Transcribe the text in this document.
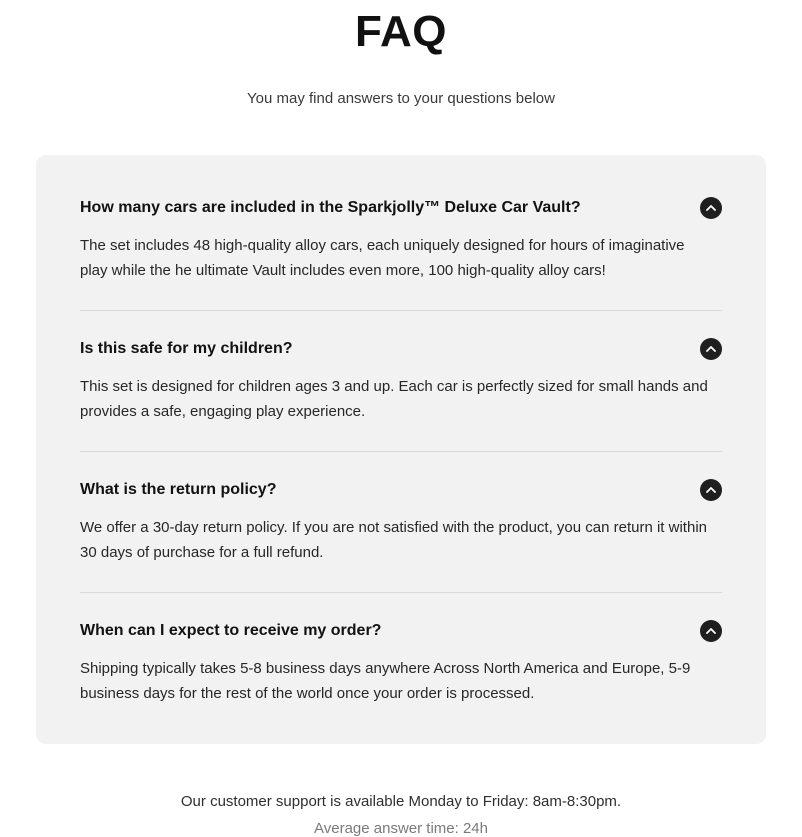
FAQ

You may find answers to your questions below

How many cars are included in the Sparkjolly™ Deluxe Car Vault?

The set includes 48 high-quality alloy cars, each uniquely designed for hours of imaginative play while the he ultimate Vault includes even more, 100 high-quality alloy cars!

Is this safe for my children?

This set is designed for children ages 3 and up. Each car is perfectly sized for small hands and provides a safe, engaging play experience.

What is the return policy?

We offer a 30-day return policy. If you are not satisfied with the product, you can return it within 30 days of purchase for a full refund.

When can I expect to receive my order?

Shipping typically takes 5-8 business days anywhere Across North America and Europe, 5-9 business days for the rest of the world once your order is processed.

Our customer support is available Monday to Friday: 8am-8:30pm.

Average answer time: 24h
